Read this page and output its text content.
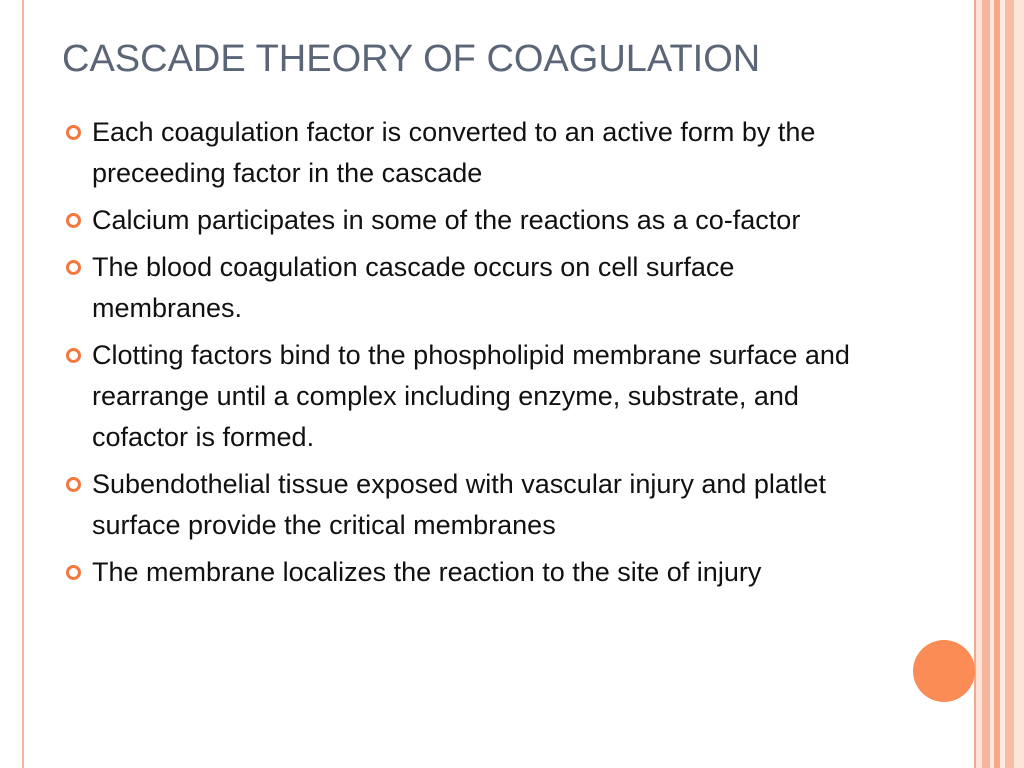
CASCADE THEORY OF COAGULATION
Each coagulation factor is converted to an active form by the preceeding factor in the cascade
Calcium participates in some of the reactions as a co-factor
The blood coagulation cascade occurs on cell surface membranes.
Clotting factors bind to the phospholipid membrane surface and rearrange until a complex including enzyme, substrate, and cofactor is formed.
Subendothelial tissue exposed with vascular injury and platlet surface provide the critical membranes
The membrane localizes the reaction to the site of injury
